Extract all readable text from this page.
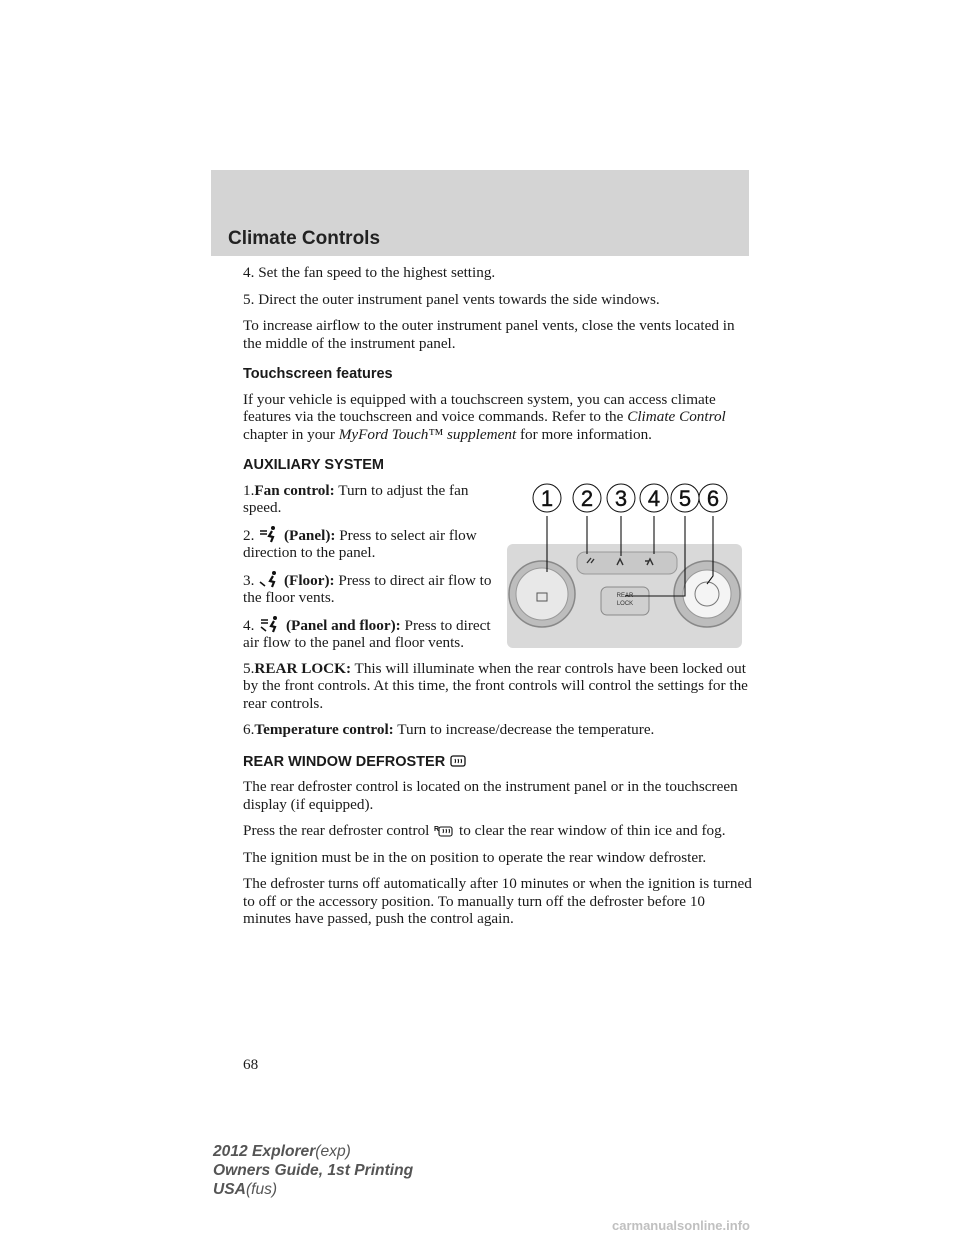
Climate Controls

4. Set the fan speed to the highest setting.

5. Direct the outer instrument panel vents towards the side windows.

To increase airflow to the outer instrument panel vents, close the vents located in the middle of the instrument panel.

Touchscreen features

If your vehicle is equipped with a touchscreen system, you can access climate features via the touchscreen and voice commands. Refer to the Climate Control chapter in your MyFord Touch™ supplement for more information.

AUXILIARY SYSTEM

1.Fan control: Turn to adjust the fan speed.

2. (Panel): Press to select air flow direction to the panel.

3. (Floor): Press to direct air flow to the floor vents.

4. (Panel and floor): Press to direct air flow to the panel and floor vents.

REAR
LOCK
1 2 3 4 5 6

5.REAR LOCK: This will illuminate when the rear controls have been locked out by the front controls. At this time, the front controls will control the settings for the rear controls.

6.Temperature control: Turn to increase/decrease the temperature.

REAR WINDOW DEFROSTER

The rear defroster control is located on the instrument panel or in the touchscreen display (if equipped).

Press the rear defroster control R to clear the rear window of thin ice and fog.

The ignition must be in the on position to operate the rear window defroster.

The defroster turns off automatically after 10 minutes or when the ignition is turned to off or the accessory position. To manually turn off the defroster before 10 minutes have passed, push the control again.

68
2012 Explorer(exp)
Owners Guide, 1st Printing
USA(fus)
carmanualsonline.info
